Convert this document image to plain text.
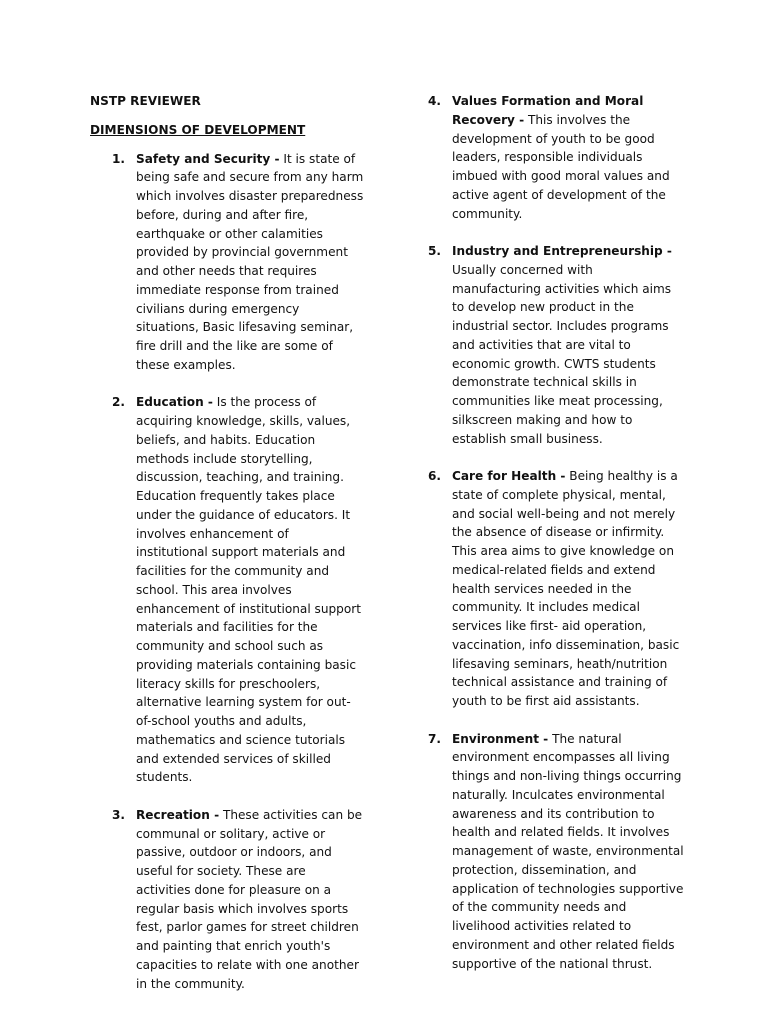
NSTP REVIEWER
DIMENSIONS OF DEVELOPMENT
1. Safety and Security - It is state of being safe and secure from any harm which involves disaster preparedness before, during and after fire, earthquake or other calamities provided by provincial government and other needs that requires immediate response from trained civilians during emergency situations, Basic lifesaving seminar, fire drill and the like are some of these examples.
2. Education - Is the process of acquiring knowledge, skills, values, beliefs, and habits. Education methods include storytelling, discussion, teaching, and training. Education frequently takes place under the guidance of educators. It involves enhancement of institutional support materials and facilities for the community and school. This area involves enhancement of institutional support materials and facilities for the community and school such as providing materials containing basic literacy skills for preschoolers, alternative learning system for out-of-school youths and adults, mathematics and science tutorials and extended services of skilled students.
3. Recreation - These activities can be communal or solitary, active or passive, outdoor or indoors, and useful for society. These are activities done for pleasure on a regular basis which involves sports fest, parlor games for street children and painting that enrich youth's capacities to relate with one another in the community.
4. Values Formation and Moral Recovery - This involves the development of youth to be good leaders, responsible individuals imbued with good moral values and active agent of development of the community.
5. Industry and Entrepreneurship - Usually concerned with manufacturing activities which aims to develop new product in the industrial sector. Includes programs and activities that are vital to economic growth. CWTS students demonstrate technical skills in communities like meat processing, silkscreen making and how to establish small business.
6. Care for Health - Being healthy is a state of complete physical, mental, and social well-being and not merely the absence of disease or infirmity. This area aims to give knowledge on medical-related fields and extend health services needed in the community. It includes medical services like first- aid operation, vaccination, info dissemination, basic lifesaving seminars, heath/nutrition technical assistance and training of youth to be first aid assistants.
7. Environment - The natural environment encompasses all living things and non-living things occurring naturally. Inculcates environmental awareness and its contribution to health and related fields. It involves management of waste, environmental protection, dissemination, and application of technologies supportive of the community needs and livelihood activities related to environment and other related fields supportive of the national thrust.
